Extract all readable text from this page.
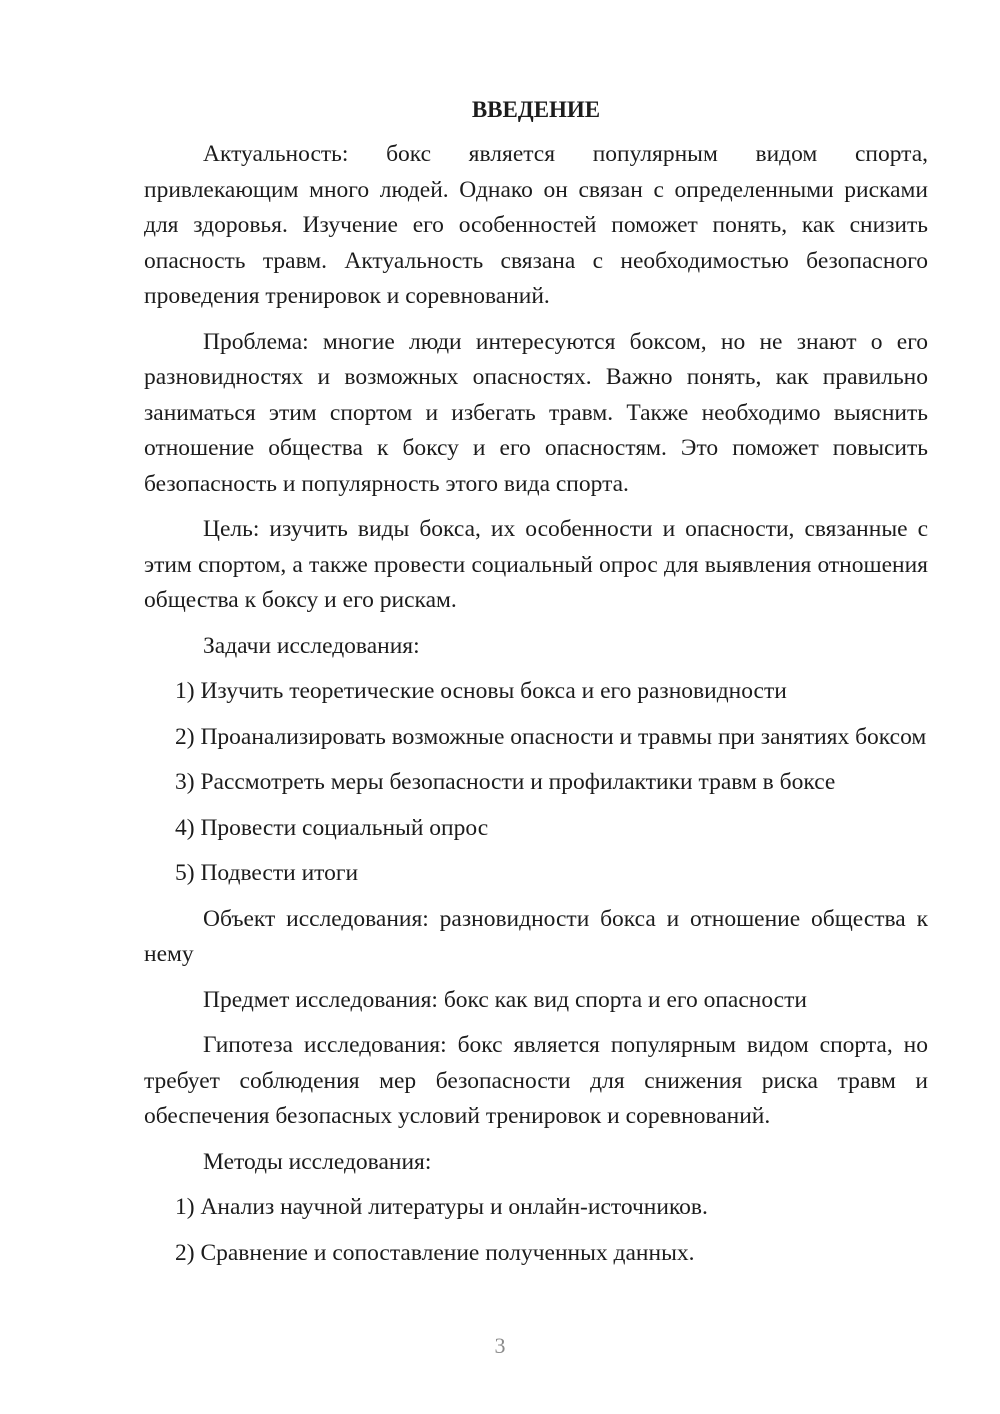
ВВЕДЕНИЕ

Актуальность: бокс является популярным видом спорта, привлекающим много людей. Однако он связан с определенными рисками для здоровья. Изучение его особенностей поможет понять, как снизить опасность травм. Актуальность связана с необходимостью безопасного проведения тренировок и соревнований.

Проблема: многие люди интересуются боксом, но не знают о его разновидностях и возможных опасностях. Важно понять, как правильно заниматься этим спортом и избегать травм. Также необходимо выяснить отношение общества к боксу и его опасностям. Это поможет повысить безопасность и популярность этого вида спорта.

Цель: изучить виды бокса, их особенности и опасности, связанные с этим спортом, а также провести социальный опрос для выявления отношения общества к боксу и его рискам.

Задачи исследования:

1) Изучить теоретические основы бокса и его разновидности

2) Проанализировать возможные опасности и травмы при занятиях боксом

3) Рассмотреть меры безопасности и профилактики травм в боксе

4) Провести социальный опрос

5) Подвести итоги

Объект исследования: разновидности бокса и отношение общества к нему

Предмет исследования: бокс как вид спорта и его опасности

Гипотеза исследования: бокс является популярным видом спорта, но требует соблюдения мер безопасности для снижения риска травм и обеспечения безопасных условий тренировок и соревнований.

Методы исследования:

1) Анализ научной литературы и онлайн-источников.

2) Сравнение и сопоставление полученных данных.

3
